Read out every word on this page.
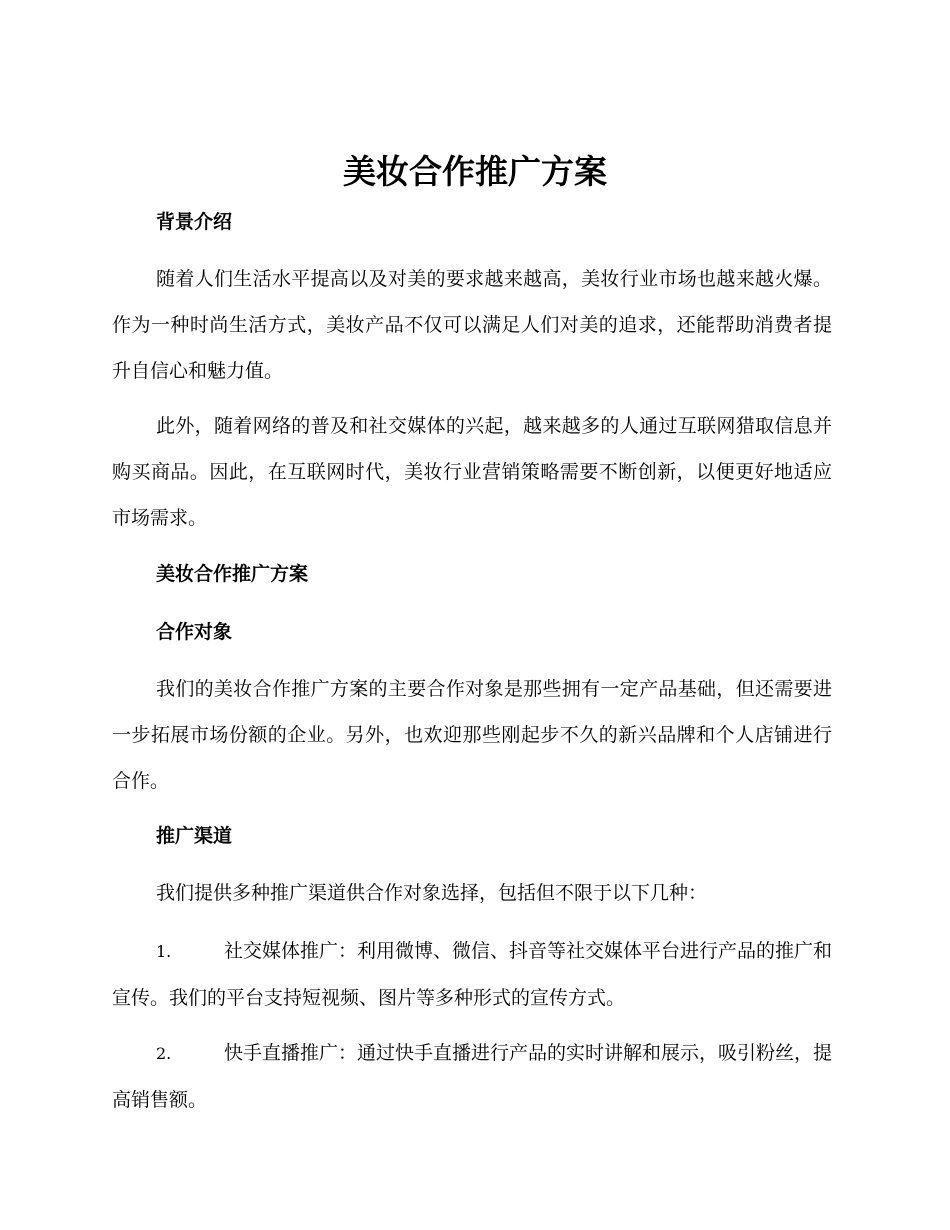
美妆合作推广方案
背景介绍

随着人们生活水平提高以及对美的要求越来越高，美妆行业市场也越来越火爆。作为一种时尚生活方式，美妆产品不仅可以满足人们对美的追求，还能帮助消费者提升自信心和魅力值。

此外，随着网络的普及和社交媒体的兴起，越来越多的人通过互联网猎取信息并购买商品。因此，在互联网时代，美妆行业营销策略需要不断创新，以便更好地适应市场需求。

美妆合作推广方案
合作对象

我们的美妆合作推广方案的主要合作对象是那些拥有一定产品基础，但还需要进一步拓展市场份额的企业。另外，也欢迎那些刚起步不久的新兴品牌和个人店铺进行合作。

推广渠道

我们提供多种推广渠道供合作对象选择，包括但不限于以下几种：

1.	社交媒体推广：利用微博、微信、抖音等社交媒体平台进行产品的推广和宣传。我们的平台支持短视频、图片等多种形式的宣传方式。

2.	快手直播推广：通过快手直播进行产品的实时讲解和展示，吸引粉丝，提高销售额。
